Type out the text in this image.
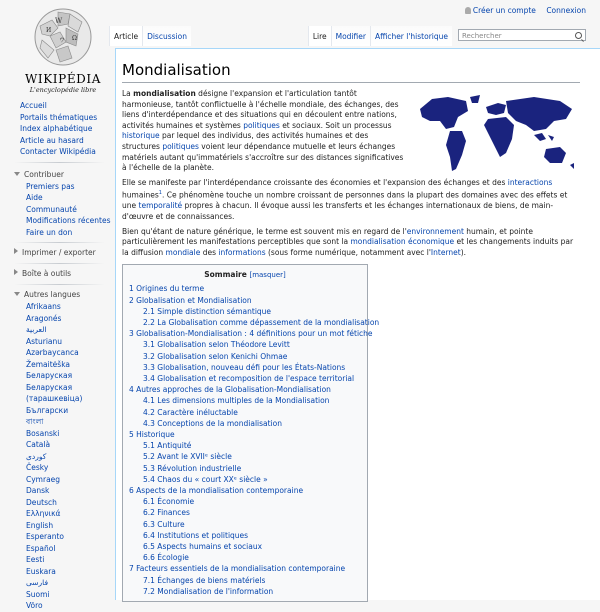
Créer un compte Connexion
W
Ω
И
ウ
WIKIPÉDIA
L'encyclopédie libre
Accueil
Portails thématiques
Index alphabétique
Article au hasard
Contacter Wikipédia
Contribuer
Premiers pas
Aide
Communauté
Modifications récentes
Faire un don
Imprimer / exporter
Boîte à outils
Autres langues
Afrikaans
Aragonés
العربية
Asturianu
Azərbaycanca
Žemaitėška
Беларуская
Беларуская (тарашкевіца)
Български
বাংলা
Bosanski
Català
کوردی
Česky
Cymraeg
Dansk
Deutsch
Ελληνικά
English
Esperanto
Español
Eesti
Euskara
فارسی
Suomi
Võro
Article	Discussion	Lire	Modifier	Afficher l'historique	Rechercher
Mondialisation

La mondialisation désigne l'expansion et l'articulation tantôt harmonieuse, tantôt conflictuelle à l'échelle mondiale, des échanges, des liens d'interdépendance et des situations qui en découlent entre nations, activités humaines et systèmes politiques et sociaux. Soit un processus historique par lequel des individus, des activités humaines et des structures politiques voient leur dépendance mutuelle et leurs échanges matériels autant qu'immatériels s'accroître sur des distances significatives à l'échelle de la planète.

Elle se manifeste par l'interdépendance croissante des économies et l'expansion des échanges et des interactions humaines$^1$. Ce phénomène touche un nombre croissant de personnes dans la plupart des domaines avec des effets et une temporalité propres à chacun. Il évoque aussi les transferts et les échanges internationaux de biens, de main-d'œuvre et de connaissances.

Bien qu'étant de nature générique, le terme est souvent mis en regard de l'environnement humain, et pointe particulièrement les manifestations perceptibles que sont la mondialisation économique et les changements induits par la diffusion mondiale des informations (sous forme numérique, notamment avec l'Internet).

Sommaire [masquer]
1 Origines du terme
2 Globalisation et Mondialisation
2.1 Simple distinction sémantique
2.2 La Globalisation comme dépassement de la mondialisation
3 Globalisation-Mondialisation : 4 définitions pour un mot fétiche
3.1 Globalisation selon Théodore Levitt
3.2 Globalisation selon Kenichi Ohmae
3.3 Globalisation, nouveau défi pour les États-Nations
3.4 Globalisation et recomposition de l'espace territorial
4 Autres approches de la Globalisation-Mondialisation
4.1 Les dimensions multiples de la Mondialisation
4.2 Caractère inéluctable
4.3 Conceptions de la mondialisation
5 Historique
5.1 Antiquité
5.2 Avant le XVIIᵉ siècle
5.3 Révolution industrielle
5.4 Chaos du « court XXᵉ siècle »
6 Aspects de la mondialisation contemporaine
6.1 Économie
6.2 Finances
6.3 Culture
6.4 Institutions et politiques
6.5 Aspects humains et sociaux
6.6 Écologie
7 Facteurs essentiels de la mondialisation contemporaine
7.1 Échanges de biens matériels
7.2 Mondialisation de l'information
